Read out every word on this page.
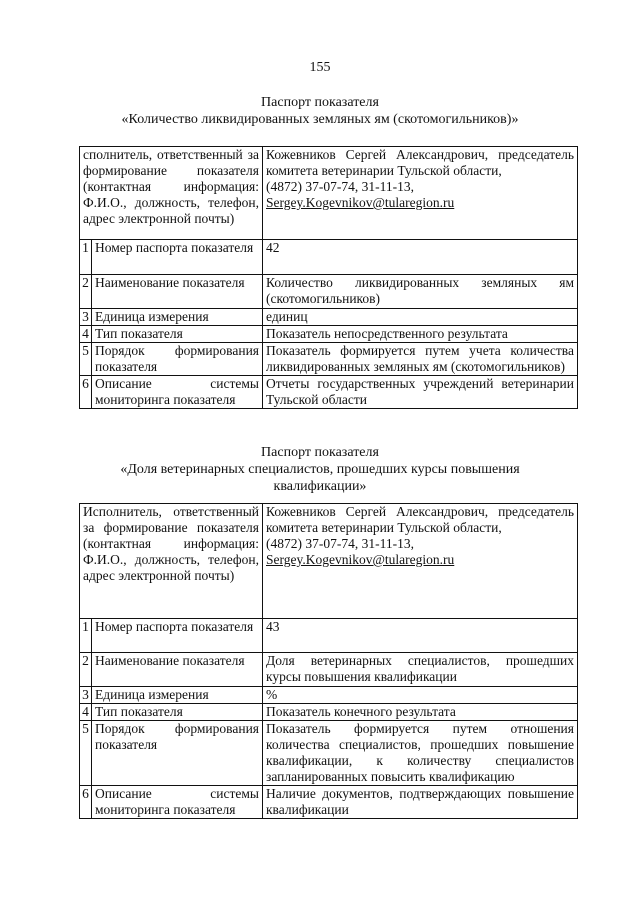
155
Паспорт показателя
«Количество ликвидированных земляных ям (скотомогильников)»
сполнитель, ответственный за формирование показателя (контактная информация: Ф.И.О., должность, телефон, адрес электронной почты)		Кожевников Сергей Александрович, председатель комитета ветеринарии Тульской области,
(4872) 37-07-74, 31-11-13,
Sergey.Kogevnikov@tularegion.ru

1	Номер паспорта показателя	42
2	Наименование показателя	Количество ликвидированных земляных ям (скотомогильников)
3	Единица измерения	единиц
4	Тип показателя	Показатель непосредственного результата
5	Порядок формирования показателя	Показатель формируется путем учета количества ликвидированных земляных ям (скотомогильников)
6	Описание системы мониторинга показателя	Отчеты государственных учреждений ветеринарии Тульской области
Паспорт показателя
«Доля ветеринарных специалистов, прошедших курсы повышения квалификации»
Исполнитель, ответственный за формирование показателя (контактная информация: Ф.И.О., должность, телефон, адрес электронной почты)		Кожевников Сергей Александрович, председатель комитета ветеринарии Тульской области,
(4872) 37-07-74, 31-11-13,
Sergey.Kogevnikov@tularegion.ru

1	Номер паспорта показателя	43
2	Наименование показателя	Доля ветеринарных специалистов, прошедших курсы повышения квалификации
3	Единица измерения	%
4	Тип показателя	Показатель конечного результата
5	Порядок формирования показателя	Показатель формируется путем отношения количества специалистов, прошедших повышение квалификации, к количеству специалистов запланированных повысить квалификацию
6	Описание системы мониторинга показателя	Наличие документов, подтверждающих повышение квалификации
